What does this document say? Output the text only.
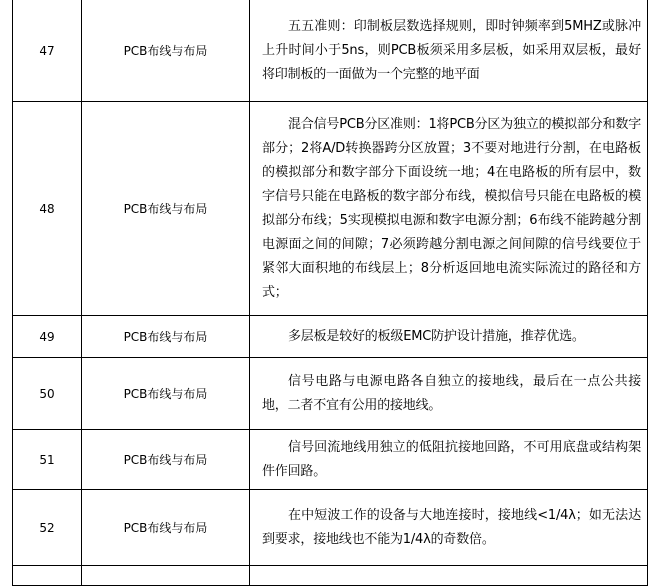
47	PCB布线与布局	五五准则：印制板层数选择规则，即时钟频率到5MHZ或脉冲上升时间小于5ns，则PCB板须采用多层板，如采用双层板，最好将印制板的一面做为一个完整的地平面

48	PCB布线与布局	混合信号PCB分区准则：1将PCB分区为独立的模拟部分和数字部分；2将A/D转换器跨分区放置；3不要对地进行分割，在电路板的模拟部分和数字部分下面设统一地；4在电路板的所有层中，数字信号只能在电路板的数字部分布线，模拟信号只能在电路板的模拟部分布线；5实现模拟电源和数字电源分割；6布线不能跨越分割电源面之间的间隙；7必须跨越分割电源之间间隙的信号线要位于紧邻大面积地的布线层上；8分析返回地电流实际流过的路径和方式；

49	PCB布线与布局	多层板是较好的板级EMC防护设计措施，推荐优选。

50	PCB布线与布局	信号电路与电源电路各自独立的接地线，最后在一点公共接地，二者不宜有公用的接地线。

51	PCB布线与布局	信号回流地线用独立的低阻抗接地回路，不可用底盘或结构架件作回路。

52	PCB布线与布局	在中短波工作的设备与大地连接时，接地线<1/4λ；如无法达到要求，接地线也不能为1/4λ的奇数倍。
